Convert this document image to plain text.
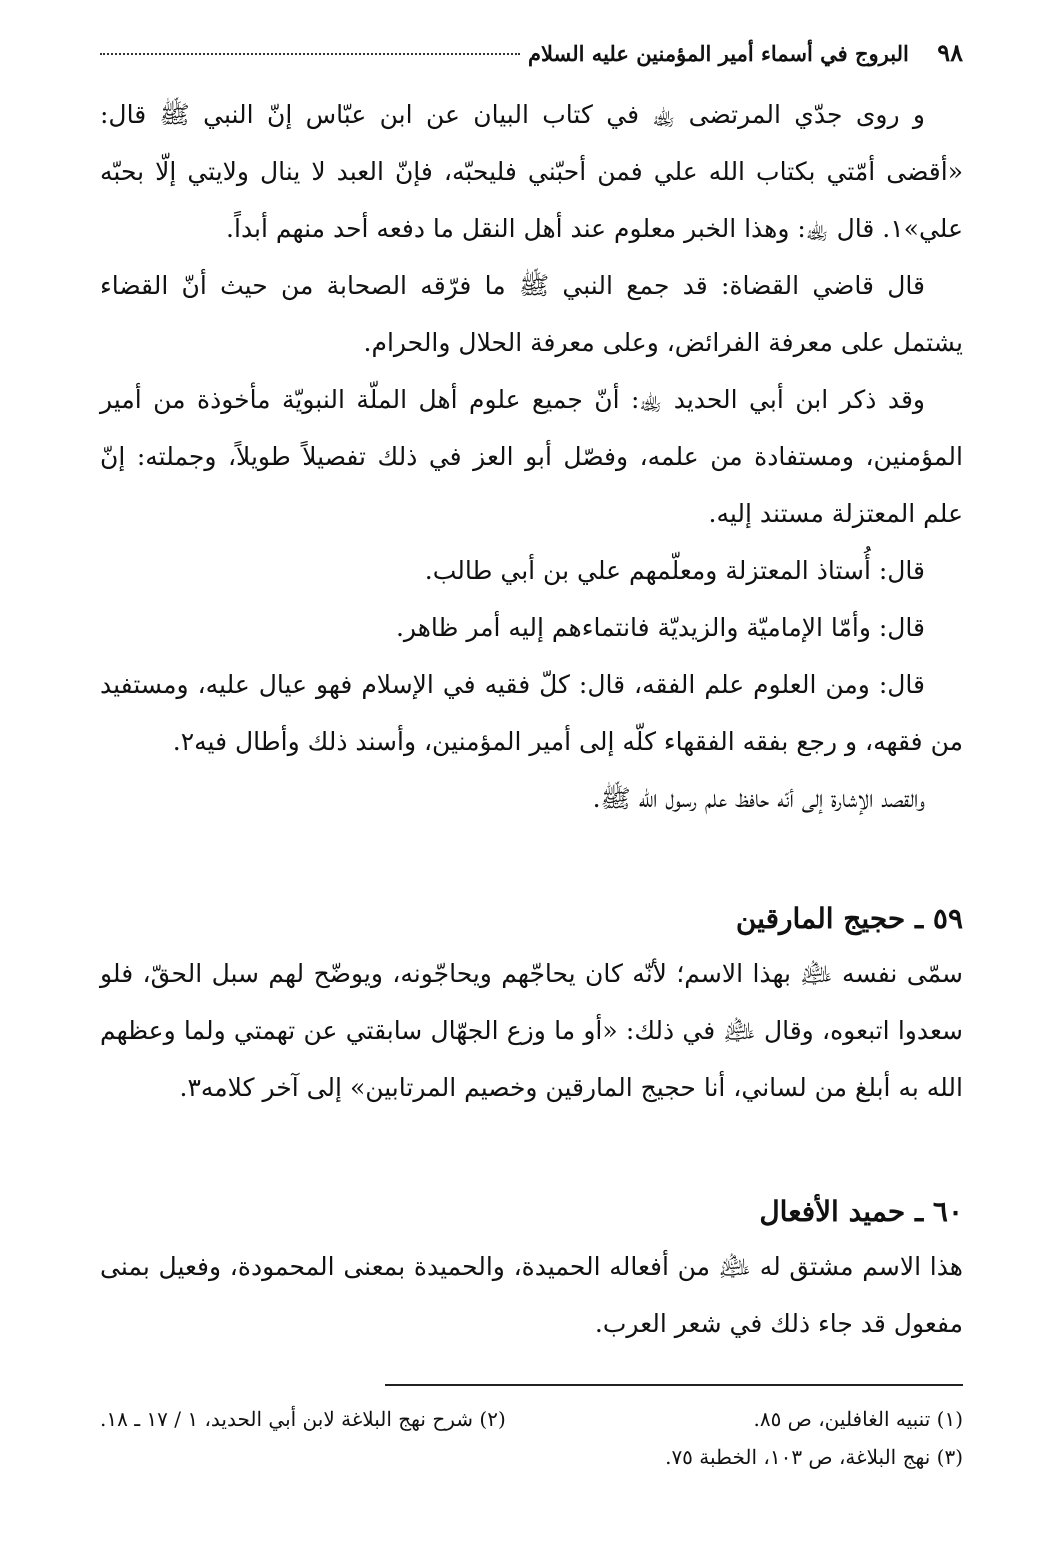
٩٨
البروج في أسماء أمير المؤمنين عليه السلام

و روى جدّي المرتضى ﵀ في كتاب البيان عن ابن عبّاس إنّ النبي ﷺ قال: «أقضى أمّتي بكتاب الله علي فمن أحبّني فليحبّه، فإنّ العبد لا ينال ولايتي إلّا بحبّه علي»١. قال ﵀: وهذا الخبر معلوم عند أهل النقل ما دفعه أحد منهم أبداً.

قال قاضي القضاة: قد جمع النبي ﷺ ما فرّقه الصحابة من حيث أنّ القضاء يشتمل على معرفة الفرائض، وعلى معرفة الحلال والحرام.

وقد ذكر ابن أبي الحديد ﵀: أنّ جميع علوم أهل الملّة النبويّة مأخوذة من أمير المؤمنين، ومستفادة من علمه، وفصّل أبو العز في ذلك تفصيلاً طويلاً، وجملته: إنّ علم المعتزلة مستند إليه.

قال: أُستاذ المعتزلة ومعلّمهم علي بن أبي طالب.

قال: وأمّا الإماميّة والزيديّة فانتماءهم إليه أمر ظاهر.

قال: ومن العلوم علم الفقه، قال: كلّ فقيه في الإسلام فهو عيال عليه، ومستفيد من فقهه، و رجع بفقه الفقهاء كلّه إلى أمير المؤمنين، وأسند ذلك وأطال فيه٢.

والقصد الإشارة إلى أنّه حافظ علم رسول الله ﷺ.

٥٩ ـ حجيج المارقين

سمّى نفسه ﵇ بهذا الاسم؛ لأنّه كان يحاجّهم ويحاجّونه، ويوضّح لهم سبل الحقّ، فلو سعدوا اتبعوه، وقال ﵇ في ذلك: «أو ما وزع الجهّال سابقتي عن تهمتي ولما وعظهم الله به أبلغ من لساني، أنا حجيج المارقين وخصيم المرتابين» إلى آخر كلامه٣.

٦٠ ـ حميد الأفعال

هذا الاسم مشتق له ﵇ من أفعاله الحميدة، والحميدة بمعنى المحمودة، وفعيل بمنى مفعول قد جاء ذلك في شعر العرب.

(١) تنبيه الغافلين، ص ٨٥.
(٢) شرح نهج البلاغة لابن أبي الحديد، ١ / ١٧ ـ ١٨.
(٣) نهج البلاغة، ص ١٠٣، الخطبة ٧٥.
